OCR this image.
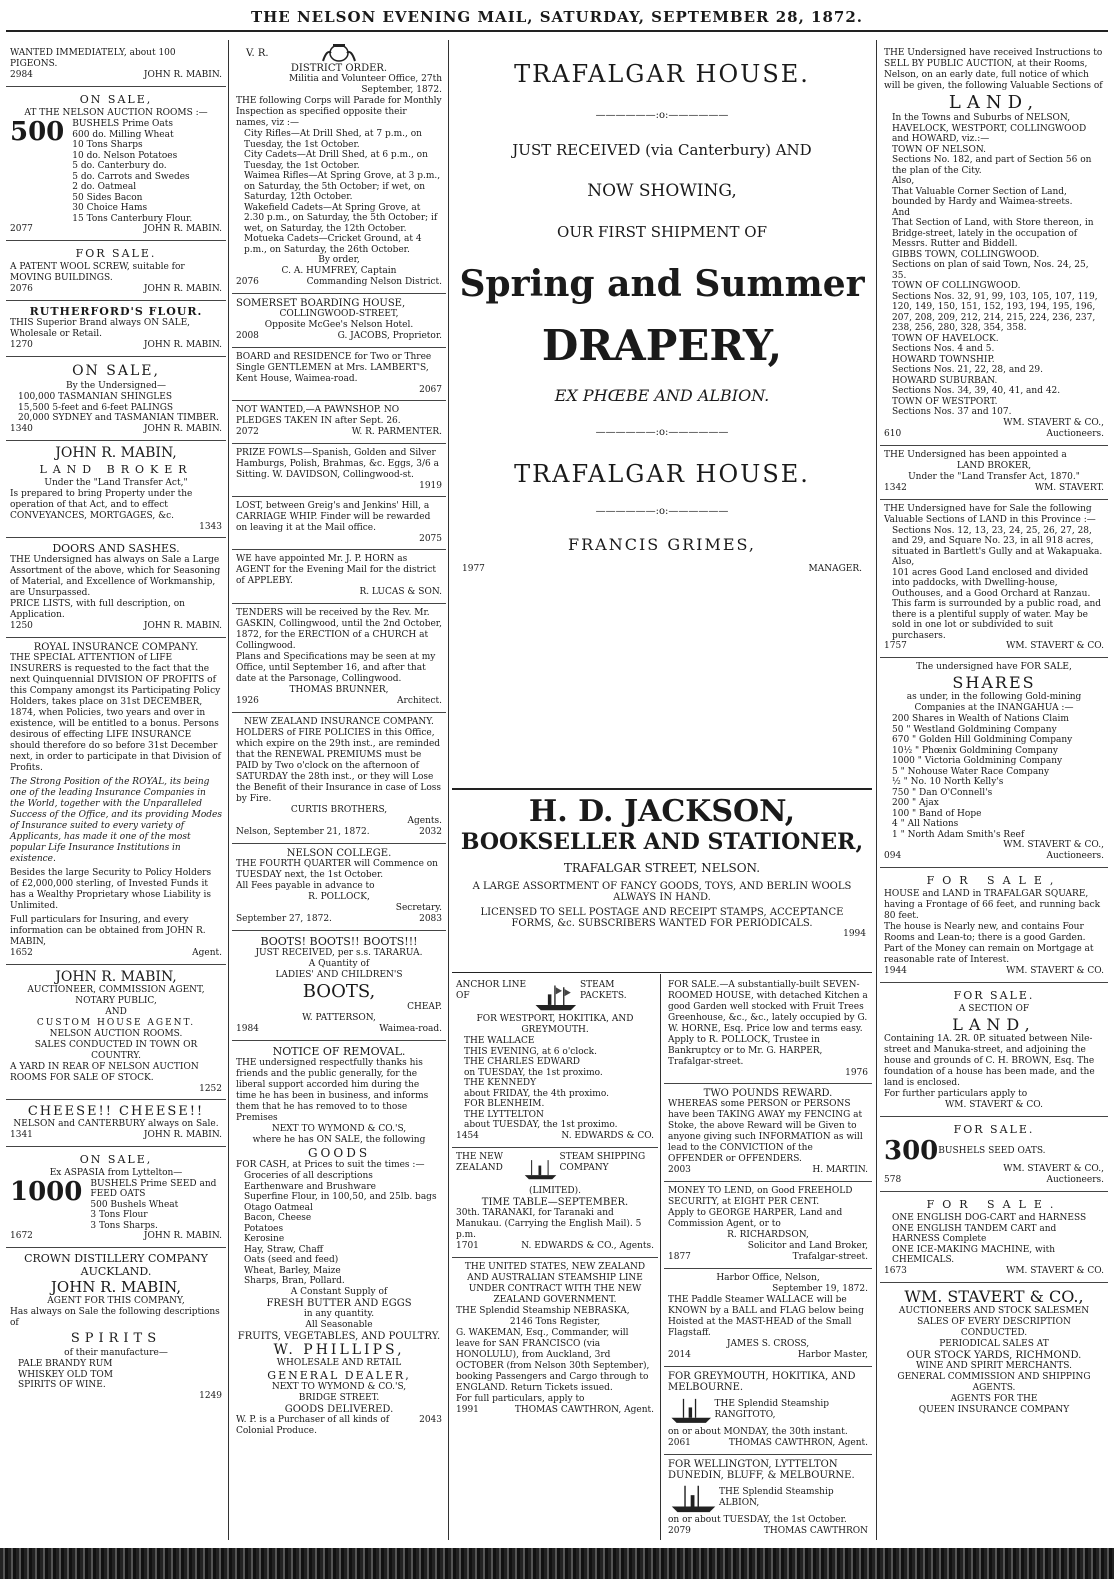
THE NELSON EVENING MAIL, SATURDAY, SEPTEMBER 28, 1872.
WANTED IMMEDIATELY, about 100 PIGEONS.
2984	JOHN R. MABIN.
ON SALE,
AT THE NELSON AUCTION ROOMS :—
500 BUSHELS Prime Oats
600 do. Milling Wheat
10 Tons Sharps
10 do. Nelson Potatoes
5 do. Canterbury do.
5 do. Carrots and Swedes
2 do. Oatmeal
50 Sides Bacon
30 Choice Hams
15 Tons Canterbury Flour.
2077	JOHN R. MABIN.
FOR SALE.
A PATENT WOOL SCREW, suitable for MOVING BUILDINGS.
2076	JOHN R. MABIN.
RUTHERFORD'S FLOUR.
THIS Superior Brand always ON SALE, Wholesale or Retail.
1270	JOHN R. MABIN.
ON SALE,
By the Undersigned—
100,000 TASMANIAN SHINGLES
15,500 5-feet and 6-feet PALINGS
20,000 SYDNEY and TASMANIAN TIMBER.
1340	JOHN R. MABIN.
JOHN R. MABIN,
LAND BROKER
Under the "Land Transfer Act,"
Is prepared to bring Property under the operation of that Act, and to effect CONVEYANCES, MORTGAGES, &c.
1343
DOORS AND SASHES.
THE Undersigned has always on Sale a Large Assortment of the above, which for Seasoning of Material, and Excellence of Workmanship, are Unsurpassed.
PRICE LISTS, with full description, on Application.
1250	JOHN R. MABIN.
ROYAL INSURANCE COMPANY.
THE SPECIAL ATTENTION of LIFE INSURERS is requested to the fact that the next Quinquennial DIVISION OF PROFITS of this Company amongst its Participating Policy Holders, takes place on 31st DECEMBER, 1874, when Policies, two years and over in existence, will be entitled to a bonus. Persons desirous of effecting LIFE INSURANCE should therefore do so before 31st December next, in order to participate in that Division of Profits.
The Strong Position of the ROYAL, its being one of the leading Insurance Companies in the World, together with the Unparalleled Success of the Office, and its providing Modes of Insurance suited to every variety of Applicants, has made it one of the most popular Life Insurance Institutions in existence.
Besides the large Security to Policy Holders of £2,000,000 sterling, of Invested Funds it has a Wealthy Proprietary whose Liability is Unlimited.
Full particulars for Insuring, and every information can be obtained from JOHN R. MABIN,
1652	Agent.
JOHN R. MABIN,
AUCTIONEER, COMMISSION AGENT,
NOTARY PUBLIC,
AND
CUSTOM HOUSE AGENT.
NELSON AUCTION ROOMS.
SALES CONDUCTED IN TOWN OR COUNTRY.
A YARD IN REAR OF NELSON AUCTION ROOMS FOR SALE OF STOCK.
1252
CHEESE!! CHEESE!!
NELSON and CANTERBURY always on Sale.
1341	JOHN R. MABIN.
ON SALE,
Ex ASPASIA from Lyttelton—
1000 BUSHELS Prime SEED and FEED OATS
500 Bushels Wheat
3 Tons Flour
3 Tons Sharps.
1672	JOHN R. MABIN.
CROWN DISTILLERY COMPANY AUCKLAND.
JOHN R. MABIN,
AGENT FOR THIS COMPANY,
Has always on Sale the following descriptions of
SPIRITS
of their manufacture—
PALE BRANDY RUM
WHISKEY OLD TOM
SPIRITS OF WINE.
1249
V. R.
DISTRICT ORDER.
Militia and Volunteer Office, 27th September, 1872.
THE following Corps will Parade for Monthly Inspection as specified opposite their names, viz :—
City Rifles—At Drill Shed, at 7 p.m., on Tuesday, the 1st October.
City Cadets—At Drill Shed, at 6 p.m., on Tuesday, the 1st October.
Waimea Rifles—At Spring Grove, at 3 p.m., on Saturday, the 5th October; if wet, on Saturday, 12th October.
Wakefield Cadets—At Spring Grove, at 2.30 p.m., on Saturday, the 5th October; if wet, on Saturday, the 12th October.
Motueka Cadets—Cricket Ground, at 4 p.m., on Saturday, the 26th October.
By order,
C. A. HUMFREY, Captain
2076	Commanding Nelson District.
SOMERSET BOARDING HOUSE,
COLLINGWOOD-STREET,
Opposite McGee's Nelson Hotel.
2008	G. JACOBS, Proprietor.
BOARD and RESIDENCE for Two or Three Single GENTLEMEN at Mrs. LAMBERT'S, Kent House, Waimea-road.
2067
NOT WANTED,—A PAWNSHOP. NO PLEDGES TAKEN IN after Sept. 26.
2072	W. R. PARMENTER.
PRIZE FOWLS—Spanish, Golden and Silver Hamburgs, Polish, Brahmas, &c. Eggs, 3/6 a Sitting. W. DAVIDSON, Collingwood-st.
1919
LOST, between Greig's and Jenkins' Hill, a CARRIAGE WHIP. Finder will be rewarded on leaving it at the Mail office.
2075
WE have appointed Mr. J. P. HORN as AGENT for the Evening Mail for the district of APPLEBY.
R. LUCAS & SON.
TENDERS will be received by the Rev. Mr. GASKIN, Collingwood, until the 2nd October, 1872, for the ERECTION of a CHURCH at Collingwood.
Plans and Specifications may be seen at my Office, until September 16, and after that date at the Parsonage, Collingwood.
THOMAS BRUNNER,
1926	Architect.
NEW ZEALAND INSURANCE COMPANY.
HOLDERS of FIRE POLICIES in this Office, which expire on the 29th inst., are reminded that the RENEWAL PREMIUMS must be PAID by Two o'clock on the afternoon of SATURDAY the 28th inst., or they will Lose the Benefit of their Insurance in case of Loss by Fire.
CURTIS BROTHERS,
Agents.
Nelson, September 21, 1872.	2032
NELSON COLLEGE.
THE FOURTH QUARTER will Commence on TUESDAY next, the 1st October.
All Fees payable in advance to
R. POLLOCK,
Secretary.
September 27, 1872.	2083
BOOTS! BOOTS!! BOOTS!!!
JUST RECEIVED, per s.s. TARARUA.
A Quantity of
LADIES' AND CHILDREN'S
BOOTS,
CHEAP.
W. PATTERSON,
1984	Waimea-road.
NOTICE OF REMOVAL.
THE undersigned respectfully thanks his friends and the public generally, for the liberal support accorded him during the time he has been in business, and informs them that he has removed to to those Premises
NEXT TO WYMOND & CO.'S,
where he has ON SALE, the following
GOODS
FOR CASH, at Prices to suit the times :—
Groceries of all descriptions
Earthenware and Brushware
Superfine Flour, in 100,50, and 25lb. bags
Otago Oatmeal
Bacon, Cheese
Potatoes
Kerosine
Hay, Straw, Chaff
Oats (seed and feed)
Wheat, Barley, Maize
Sharps, Bran, Pollard.
A Constant Supply of
FRESH BUTTER AND EGGS
in any quantity.
All Seasonable
FRUITS, VEGETABLES, AND POULTRY.
W. PHILLIPS,
WHOLESALE AND RETAIL
GENERAL DEALER,
NEXT TO WYMOND & CO.'S,
BRIDGE STREET.
GOODS DELIVERED.
W. P. is a Purchaser of all kinds of Colonial Produce.
2043
TRAFALGAR HOUSE.
——————:o:——————
JUST RECEIVED (via Canterbury) AND
NOW SHOWING,
OUR FIRST SHIPMENT OF
Spring and Summer
DRAPERY,
EX PHŒBE AND ALBION.
——————:o:——————
TRAFALGAR HOUSE.
——————:o:——————
FRANCIS GRIMES,
1977	MANAGER.
H. D. JACKSON,
BOOKSELLER AND STATIONER,
TRAFALGAR STREET, NELSON.
A LARGE ASSORTMENT OF FANCY GOODS, TOYS, AND BERLIN WOOLS ALWAYS IN HAND.
LICENSED TO SELL POSTAGE AND RECEIPT STAMPS, ACCEPTANCE FORMS, &c. SUBSCRIBERS WANTED FOR PERIODICALS.
1994
ANCHOR LINE OF
STEAM PACKETS.
FOR WESTPORT, HOKITIKA, AND GREYMOUTH.
THE WALLACE
THIS EVENING, at 6 o'clock.
THE CHARLES EDWARD
on TUESDAY, the 1st proximo.
THE KENNEDY
about FRIDAY, the 4th proximo.
FOR BLENHEIM.
THE LYTTELTON
about TUESDAY, the 1st proximo.
1454	N. EDWARDS & CO.
THE NEW ZEALAND
STEAM SHIPPING COMPANY
(LIMITED).
TIME TABLE—SEPTEMBER.
30th. TARANAKI, for Taranaki and Manukau. (Carrying the English Mail). 5 p.m.
1701	N. EDWARDS & CO., Agents.
THE UNITED STATES, NEW ZEALAND AND AUSTRALIAN STEAMSHIP LINE
UNDER CONTRACT WITH THE NEW ZEALAND GOVERNMENT.
THE Splendid Steamship NEBRASKA,
2146 Tons Register,
G. WAKEMAN, Esq., Commander, will leave for SAN FRANCISCO (via HONOLULU), from Auckland, 3rd OCTOBER (from Nelson 30th September), booking Passengers and Cargo through to ENGLAND. Return Tickets issued.
For full particulars, apply to
1991	THOMAS CAWTHRON, Agent.
FOR SALE.—A substantially-built SEVEN-ROOMED HOUSE, with detached Kitchen a good Garden well stocked with Fruit Trees Greenhouse, &c., &c., lately occupied by G. W. HORNE, Esq. Price low and terms easy.
Apply to R. POLLOCK, Trustee in Bankruptcy or to Mr. G. HARPER, Trafalgar-street.
1976
TWO POUNDS REWARD.
WHEREAS some PERSON or PERSONS have been TAKING AWAY my FENCING at Stoke, the above Reward will be Given to anyone giving such INFORMATION as will lead to the CONVICTION of the OFFENDER or OFFENDERS.
2003	H. MARTIN.
MONEY TO LEND, on Good FREEHOLD SECURITY, at EIGHT PER CENT.
Apply to GEORGE HARPER, Land and Commission Agent, or to
R. RICHARDSON,
Solicitor and Land Broker,
1877	Trafalgar-street.
Harbor Office, Nelson,
September 19, 1872.
THE Paddle Steamer WALLACE will be KNOWN by a BALL and FLAG below being Hoisted at the MAST-HEAD of the Small Flagstaff.
JAMES S. CROSS,
2014	Harbor Master,
FOR GREYMOUTH, HOKITIKA, AND MELBOURNE.
THE Splendid Steamship RANGITOTO,
on or about MONDAY, the 30th instant.
2061	THOMAS CAWTHRON, Agent.
FOR WELLINGTON, LYTTELTON DUNEDIN, BLUFF, & MELBOURNE.
THE Splendid Steamship ALBION,
on or about TUESDAY, the 1st October.
2079	THOMAS CAWTHRON
THE Undersigned have received Instructions to SELL BY PUBLIC AUCTION, at their Rooms, Nelson, on an early date, full notice of which will be given, the following Valuable Sections of
LAND,
In the Towns and Suburbs of NELSON, HAVELOCK, WESTPORT, COLLINGWOOD and HOWARD, viz.:—
TOWN OF NELSON.
Sections No. 182, and part of Section 56 on the plan of the City.
Also,
That Valuable Corner Section of Land, bounded by Hardy and Waimea-streets.
And
That Section of Land, with Store thereon, in Bridge-street, lately in the occupation of Messrs. Rutter and Biddell.
GIBBS TOWN, COLLINGWOOD.
Sections on plan of said Town, Nos. 24, 25, 35.
TOWN OF COLLINGWOOD.
Sections Nos. 32, 91, 99, 103, 105, 107, 119, 120, 149, 150, 151, 152, 193, 194, 195, 196, 207, 208, 209, 212, 214, 215, 224, 236, 237, 238, 256, 280, 328, 354, 358.
TOWN OF HAVELOCK.
Sections Nos. 4 and 5.
HOWARD TOWNSHIP.
Sections Nos. 21, 22, 28, and 29.
HOWARD SUBURBAN.
Sections Nos. 34, 39, 40, 41, and 42.
TOWN OF WESTPORT.
Sections Nos. 37 and 107.
WM. STAVERT & CO.,
610	Auctioneers.
THE Undersigned has been appointed a
LAND BROKER,
Under the "Land Transfer Act, 1870."
1342	WM. STAVERT.
THE Undersigned have for Sale the following Valuable Sections of LAND in this Province :—
Sections Nos. 12, 13, 23, 24, 25, 26, 27, 28, and 29, and Square No. 23, in all 918 acres, situated in Bartlett's Gully and at Wakapuaka.
Also,
101 acres Good Land enclosed and divided into paddocks, with Dwelling-house, Outhouses, and a Good Orchard at Ranzau. This farm is surrounded by a public road, and there is a plentiful supply of water. May be sold in one lot or subdivided to suit purchasers.
1757	WM. STAVERT & CO.
The undersigned have FOR SALE,
SHARES
as under, in the following Gold-mining Companies at the INANGAHUA :—
200 Shares in Wealth of Nations Claim
50 " Westland Goldmining Company
670 " Golden Hill Goldmining Company
10½ " Phœnix Goldmining Company
1000 " Victoria Goldmining Company
5 " Nohouse Water Race Company
½ " No. 10 North Kelly's
750 " Dan O'Connell's
200 " Ajax
100 " Band of Hope
4 " All Nations
1 " North Adam Smith's Reef
WM. STAVERT & CO.,
094	Auctioneers.
FOR SALE,
HOUSE and LAND in TRAFALGAR SQUARE, having a Frontage of 66 feet, and running back 80 feet.
The house is Nearly new, and contains Four Rooms and Lean-to; there is a good Garden.
Part of the Money can remain on Mortgage at reasonable rate of Interest.
1944	WM. STAVERT & CO.
FOR SALE.
A SECTION OF
LAND,
Containing 1A. 2R. 0P. situated between Nile-street and Manuka-street, and adjoining the house and grounds of C. H. BROWN, Esq. The foundation of a house has been made, and the land is enclosed.
For further particulars apply to
WM. STAVERT & CO.
FOR SALE.
300 BUSHELS SEED OATS.
WM. STAVERT & CO.,
578	Auctioneers.
FOR SALE.
ONE ENGLISH DOG-CART and HARNESS
ONE ENGLISH TANDEM CART and HARNESS Complete
ONE ICE-MAKING MACHINE, with CHEMICALS.
1673	WM. STAVERT & CO.
WM. STAVERT & CO.,
AUCTIONEERS AND STOCK SALESMEN
SALES OF EVERY DESCRIPTION CONDUCTED.
PERIODICAL SALES AT
OUR STOCK YARDS, RICHMOND.
WINE AND SPIRIT MERCHANTS.
GENERAL COMMISSION AND SHIPPING
AGENTS.
AGENTS FOR THE
QUEEN INSURANCE COMPANY
